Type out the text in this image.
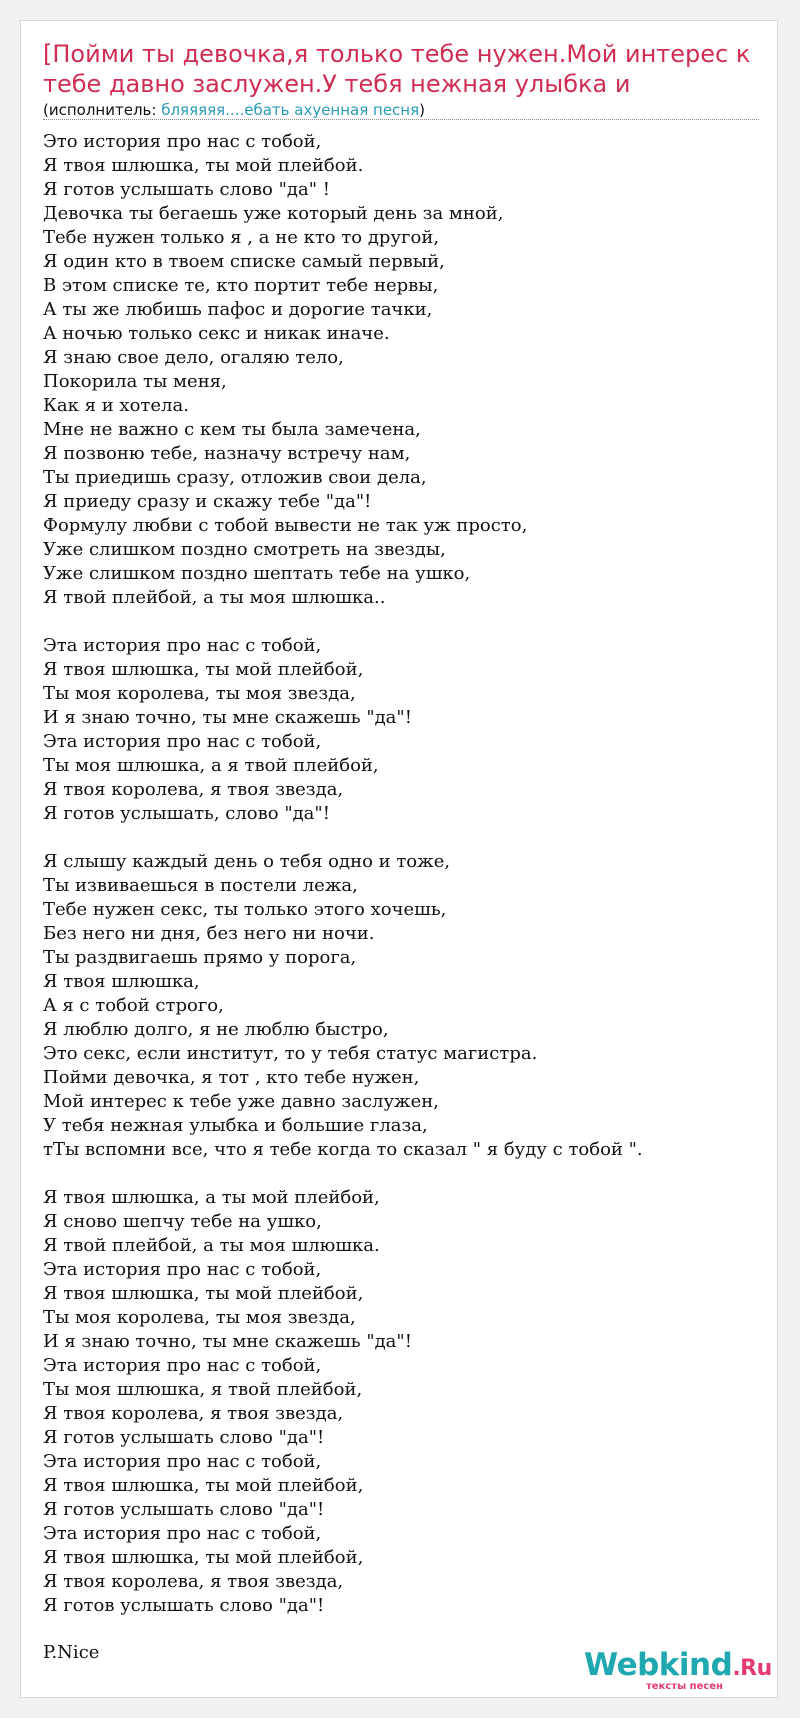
[Пойми ты девочка,я только тебе нужен.Мой интерес к тебе давно заслужен.У тебя нежная улыбка и
(исполнитель: бляяяяя....ебать ахуенная песня)
Это история про нас с тобой,
Я твоя шлюшка, ты мой плейбой.
Я готов услышать слово "да" !
Девочка ты бегаешь уже который день за мной,
Тебе нужен только я , а не кто то другой,
Я один кто в твоем списке самый первый,
В этом списке те, кто портит тебе нервы,
А ты же любишь пафос и дорогие тачки,
А ночью только секс и никак иначе.
Я знаю свое дело, огаляю тело,
Покорила ты меня,
Как я и хотела.
Мне не важно с кем ты была замечена,
Я позвоню тебе, назначу встречу нам,
Ты приедишь сразу, отложив свои дела,
Я приеду сразу и скажу тебе "да"!
Формулу любви с тобой вывести не так уж просто,
Уже слишком поздно смотреть на звезды,
Уже слишком поздно шептать тебе на ушко,
Я твой плейбой, а ты моя шлюшка..
Эта история про нас с тобой,
Я твоя шлюшка, ты мой плейбой,
Ты моя королева, ты моя звезда,
И я знаю точно, ты мне скажешь "да"!
Эта история про нас с тобой,
Ты моя шлюшка, а я твой плейбой,
Я твоя королева, я твоя звезда,
Я готов услышать, слово "да"!
Я слышу каждый день о тебя одно и тоже,
Ты извиваешься в постели лежа,
Тебе нужен секс, ты только этого хочешь,
Без него ни дня, без него ни ночи.
Ты раздвигаешь прямо у порога,
Я твоя шлюшка,
А я с тобой строго,
Я люблю долго, я не люблю быстро,
Это секс, если институт, то у тебя статус магистра.
Пойми девочка, я тот , кто тебе нужен,
Мой интерес к тебе уже давно заслужен,
У тебя нежная улыбка и большие глаза,
тТы вспомни все, что я тебе когда то сказал " я буду с тобой ".
Я твоя шлюшка, а ты мой плейбой,
Я сново шепчу тебе на ушко,
Я твой плейбой, а ты моя шлюшка.
Эта история про нас с тобой,
Я твоя шлюшка, ты мой плейбой,
Ты моя королева, ты моя звезда,
И я знаю точно, ты мне скажешь "да"!
Эта история про нас с тобой,
Ты моя шлюшка, я твой плейбой,
Я твоя королева, я твоя звезда,
Я готов услышать слово "да"!
Эта история про нас с тобой,
Я твоя шлюшка, ты мой плейбой,
Я готов услышать слово "да"!
Эта история про нас с тобой,
Я твоя шлюшка, ты мой плейбой,
Я твоя королева, я твоя звезда,
Я готов услышать слово "да"!
P.Nice	Webkind.Ru
тексты песен
